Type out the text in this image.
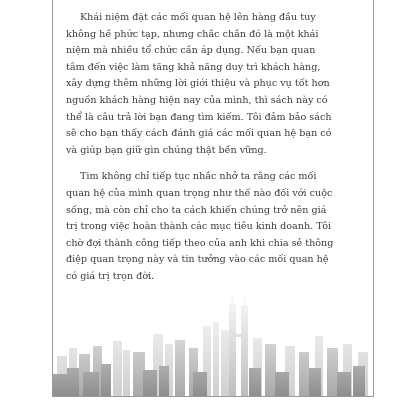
Khái niệm đặt các mối quan hệ lên hàng đầu tuy
không hề phức tạp, nhưng chắc chắn đó là một khái
niệm mà nhiều tổ chức cần áp dụng. Nếu bạn quan
tâm đến việc làm tăng khả năng duy trì khách hàng,
xây dựng thêm những lời giới thiệu và phục vụ tốt hơn
nguồn khách hàng hiện nay của mình, thì sách này có
thể là câu trả lời bạn đang tìm kiếm. Tôi đảm bảo sách
sẽ cho bạn thấy cách đánh giá các mối quan hệ bạn có
và giúp bạn giữ gìn chúng thật bền vững.

Tim không chỉ tiếp tục nhắc nhở ta rằng các mối
quan hệ của mình quan trọng như thế nào đối với cuộc
sống, mà còn chỉ cho ta cách khiến chúng trở nên giá
trị trong việc hoàn thành các mục tiêu kinh doanh. Tôi
chờ đợi thành công tiếp theo của anh khi chia sẻ thông
điệp quan trọng này và tin tưởng vào các mối quan hệ
có giá trị trọn đời.
